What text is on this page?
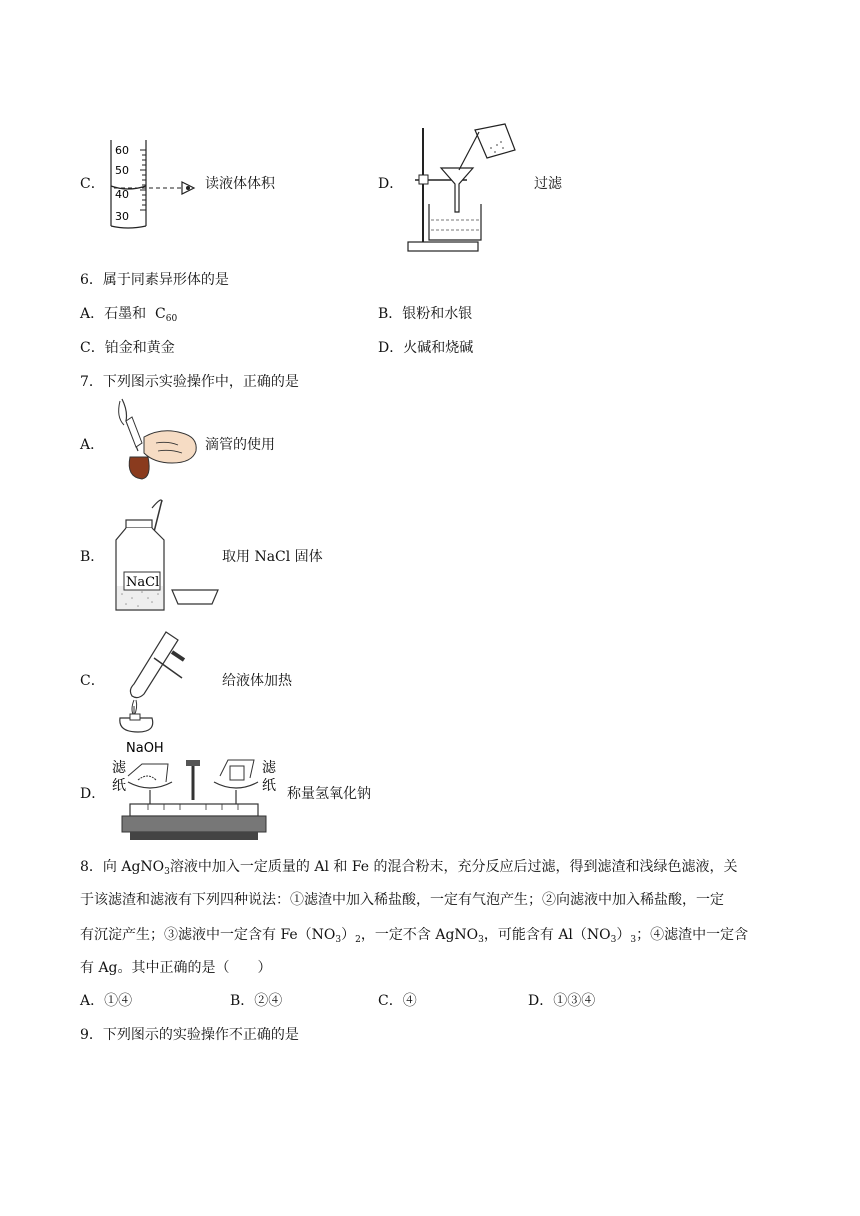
C．
60
50
40
30
读液体体积	D．	过滤
6．属于同素异形体的是
A．石墨和 $C_{60}$	B．银粉和水银
C．铂金和黄金	D．火碱和烧碱
7．下列图示实验操作中，正确的是
A．	滴管的使用
B．
NaCl
取用 NaCl 固体
C．	给液体加热
D．
NaOH
滤
纸
滤
纸 称量氢氧化钠
8．向 AgNO$_3$溶液中加入一定质量的 Al 和 Fe 的混合粉末，充分反应后过滤，得到滤渣和浅绿色滤液，关
于该滤渣和滤液有下列四种说法：①滤渣中加入稀盐酸，一定有气泡产生；②向滤液中加入稀盐酸，一定
有沉淀产生；③滤液中一定含有 $Fe(NO_3)_2$，一定不含 AgNO$_3$，可能含有 $Al(NO_3)_3$；④滤渣中一定含
有 Ag。其中正确的是（　　）
A．①④	B．②④	C．④	D．①③④
9．下列图示的实验操作不正确的是
